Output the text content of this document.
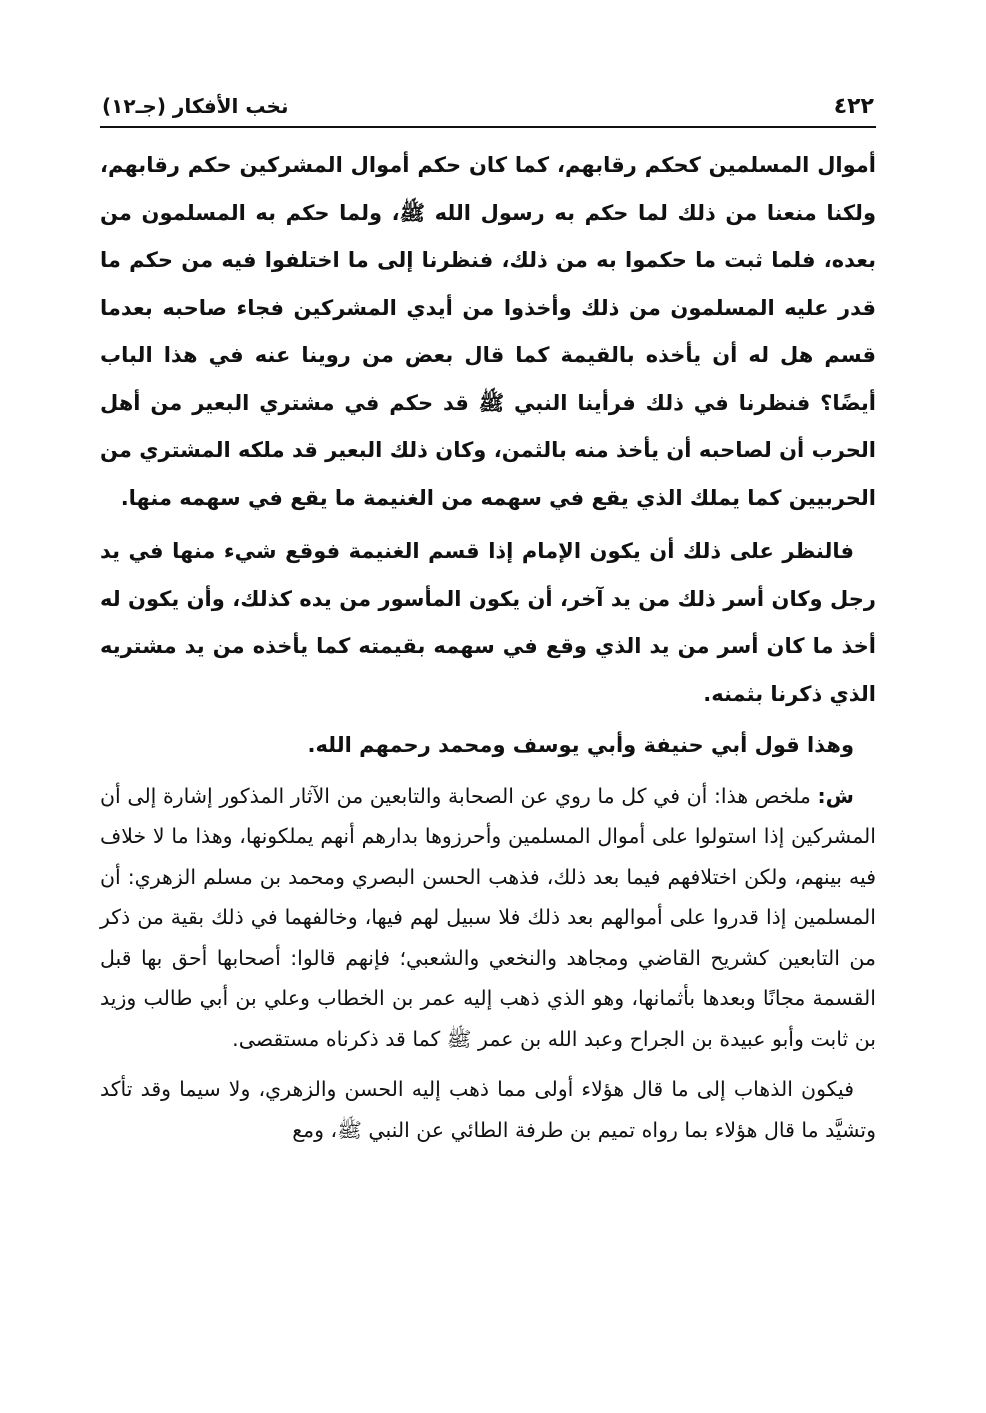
٤٢٢
نخب الأفكار (جـ١٢)

أموال المسلمين كحكم رقابهم، كما كان حكم أموال المشركين حكم رقابهم، ولكنا منعنا من ذلك لما حكم به رسول الله ﷺ، ولما حكم به المسلمون من بعده، فلما ثبت ما حكموا به من ذلك، فنظرنا إلى ما اختلفوا فيه من حكم ما قدر عليه المسلمون من ذلك وأخذوا من أيدي المشركين فجاء صاحبه بعدما قسم هل له أن يأخذه بالقيمة كما قال بعض من روينا عنه في هذا الباب أيضًا؟ فنظرنا في ذلك فرأينا النبي ﷺ قد حكم في مشتري البعير من أهل الحرب أن لصاحبه أن يأخذ منه بالثمن، وكان ذلك البعير قد ملكه المشتري من الحربيين كما يملك الذي يقع في سهمه من الغنيمة ما يقع في سهمه منها.

فالنظر على ذلك أن يكون الإمام إذا قسم الغنيمة فوقع شيء منها في يد رجل وكان أسر ذلك من يد آخر، أن يكون المأسور من يده كذلك، وأن يكون له أخذ ما كان أسر من يد الذي وقع في سهمه بقيمته كما يأخذه من يد مشتريه الذي ذكرنا بثمنه.

وهذا قول أبي حنيفة وأبي يوسف ومحمد رحمهم الله.

ش: ملخص هذا: أن في كل ما روي عن الصحابة والتابعين من الآثار المذكور إشارة إلى أن المشركين إذا استولوا على أموال المسلمين وأحرزوها بدارهم أنهم يملكونها، وهذا ما لا خلاف فيه بينهم، ولكن اختلافهم فيما بعد ذلك، فذهب الحسن البصري ومحمد بن مسلم الزهري: أن المسلمين إذا قدروا على أموالهم بعد ذلك فلا سبيل لهم فيها، وخالفهما في ذلك بقية من ذكر من التابعين كشريح القاضي ومجاهد والنخعي والشعبي؛ فإنهم قالوا: أصحابها أحق بها قبل القسمة مجانًا وبعدها بأثمانها، وهو الذي ذهب إليه عمر بن الخطاب وعلي بن أبي طالب وزيد بن ثابت وأبو عبيدة بن الجراح وعبد الله بن عمر ﷺ كما قد ذكرناه مستقصى.

فيكون الذهاب إلى ما قال هؤلاء أولى مما ذهب إليه الحسن والزهري، ولا سيما وقد تأكد وتشيَّد ما قال هؤلاء بما رواه تميم بن طرفة الطائي عن النبي ﷺ، ومع
